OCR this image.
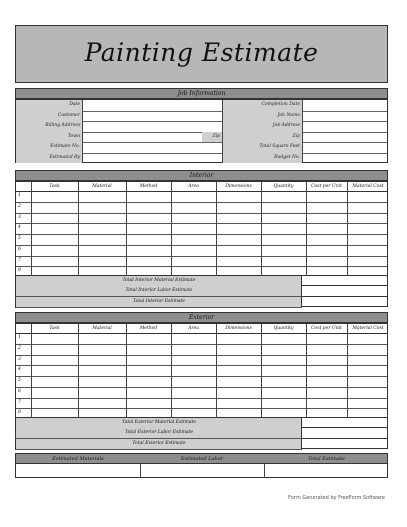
Painting Estimate
Job Information
Date	Completion Date
Customer	Job Name
Billing Address	Job Address
Town	Zip	Zip
Estimate No.	Total Square Feet
Estimated By	Budget No.
Interior
Task	Material	Method	Area	Dimensions	Quantity	Cost per Unit	Material Cost
1
2
3
4
5
6
7
8
Total Interior Material Estimate
Total Interior Labor Estimate
Total Interior Estimate
Exterior
Task	Material	Method	Area	Dimensions	Quantity	Cost per Unit	Material Cost
1
2
3
4
5
6
7
8
Total Exterior Material Estimate
Total Exterior Labor Estimate
Total Exterior Estimate
Estimated Materials	Estimated Labor	Total Estimate
Form Generated by FreeForm Software
